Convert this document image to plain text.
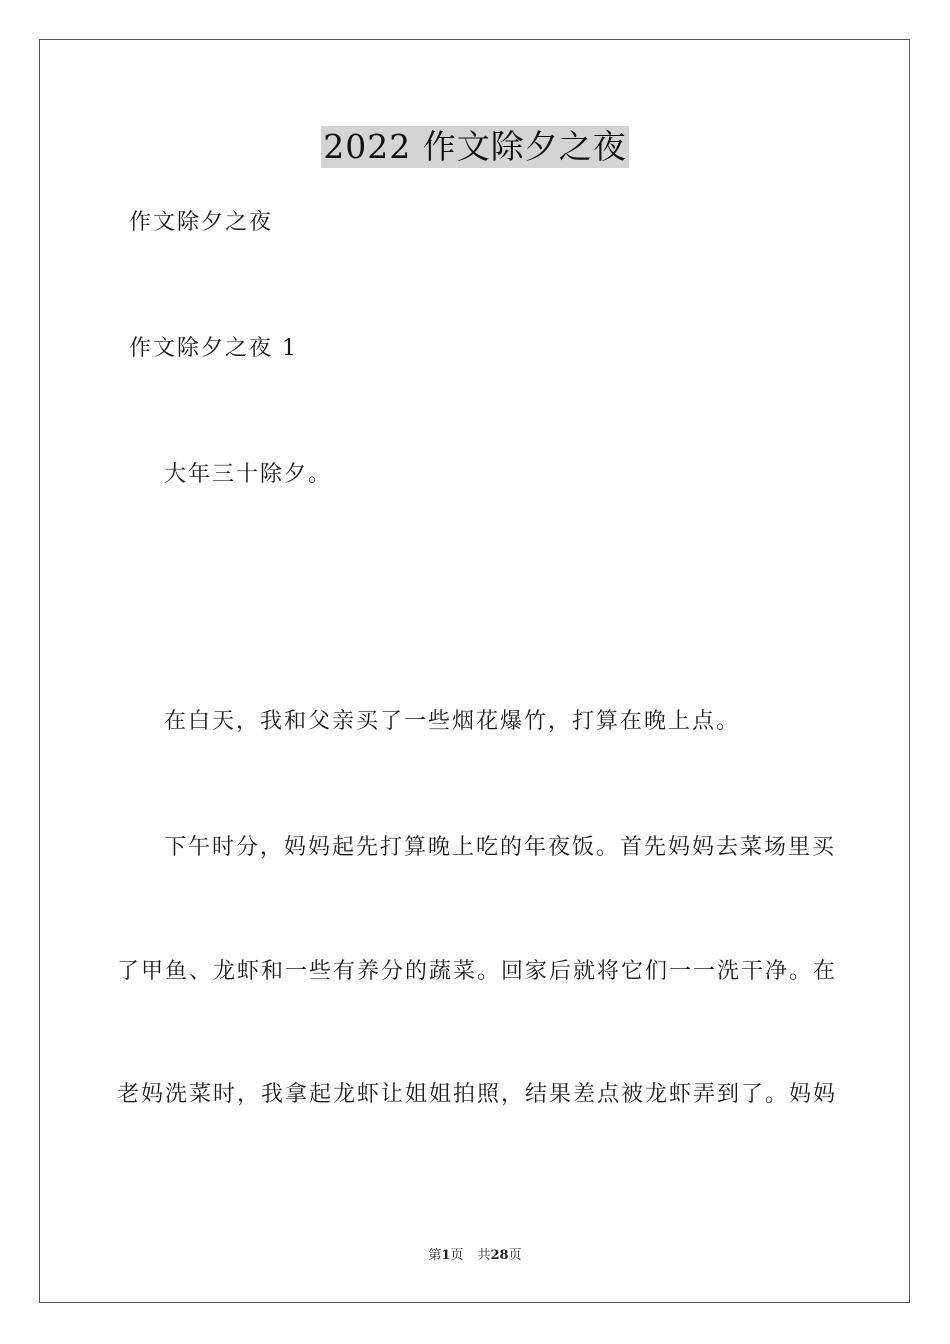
2022 作文除夕之夜
作文除夕之夜
作文除夕之夜 1
大年三十除夕。
在白天，我和父亲买了一些烟花爆竹，打算在晚上点。
下午时分，妈妈起先打算晚上吃的年夜饭。首先妈妈去菜场里买
了甲鱼、龙虾和一些有养分的蔬菜。回家后就将它们一一洗干净。在
老妈洗菜时，我拿起龙虾让姐姐拍照，结果差点被龙虾弄到了。妈妈
第1页 共28页
